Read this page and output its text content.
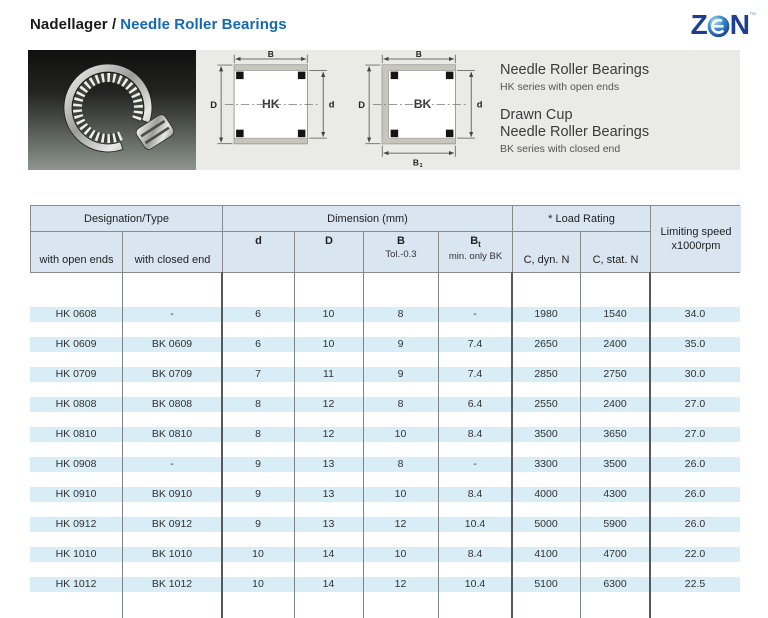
Nadellager / Needle Roller Bearings	Z N ™
HK
B
D	d	BK
B
D	d
B 1
Needle Roller Bearings
HK series with open ends
Drawn Cup
Needle Roller Bearings
BK series with closed end
Designation/Type	Dimension (mm)	* Load Rating
Limiting speed
x1000rpm
with open ends	with closed end
d	D	B
Tol.-0.3
$B_t$
min. only BK	C, dyn. N	C, stat. N
HK 0608	-	6	10	8	-	1980	1540	34.0
HK 0609	BK 0609	6	10	9	7.4	2650	2400	35.0
HK 0709	BK 0709	7	11	9	7.4	2850	2750	30.0
HK 0808	BK 0808	8	12	8	6.4	2550	2400	27.0
HK 0810	BK 0810	8	12	10	8.4	3500	3650	27.0
HK 0908	-	9	13	8	-	3300	3500	26.0
HK 0910	BK 0910	9	13	10	8.4	4000	4300	26.0
HK 0912	BK 0912	9	13	12	10.4	5000	5900	26.0
HK 1010	BK 1010	10	14	10	8.4	4100	4700	22.0
HK 1012	BK 1012	10	14	12	10.4	5100	6300	22.5
